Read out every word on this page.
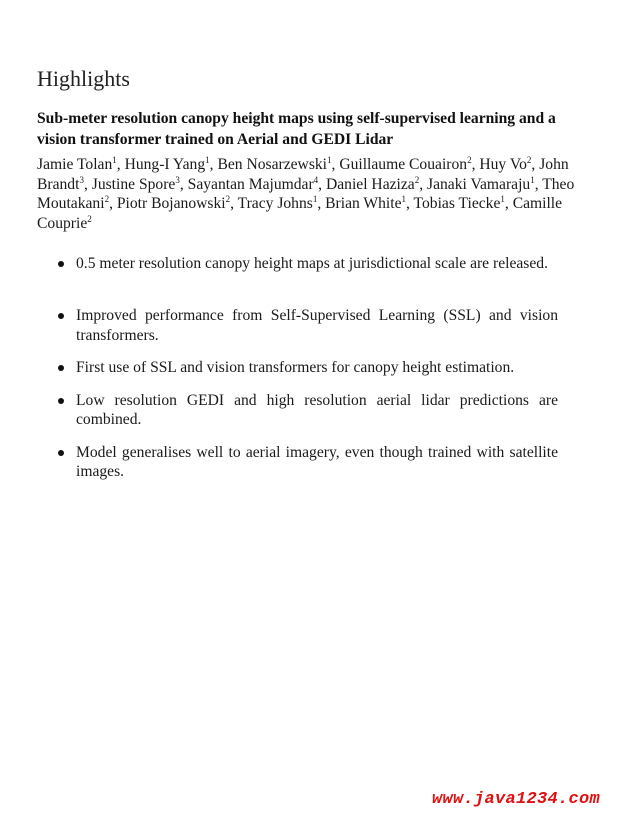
Highlights
Sub-meter resolution canopy height maps using self-supervised learning and a vision transformer trained on Aerial and GEDI Lidar
Jamie Tolan$^1$, Hung-I Yang$^1$, Ben Nosarzewski$^1$, Guillaume Couairon$^2$, Huy Vo$^2$, John Brandt$^3$, Justine Spore$^3$, Sayantan Majumdar$^4$, Daniel Haziza$^2$, Janaki Vamaraju$^1$, Theo Moutakani$^2$, Piotr Bojanowski$^2$, Tracy Johns$^1$, Brian White$^1$, Tobias Tiecke$^1$, Camille Couprie$^2$
0.5 meter resolution canopy height maps at jurisdictional scale are released.
Improved performance from Self-Supervised Learning (SSL) and vision transformers.
First use of SSL and vision transformers for canopy height estimation.
Low resolution GEDI and high resolution aerial lidar predictions are combined.
Model generalises well to aerial imagery, even though trained with satellite images.
www.java1234.com
